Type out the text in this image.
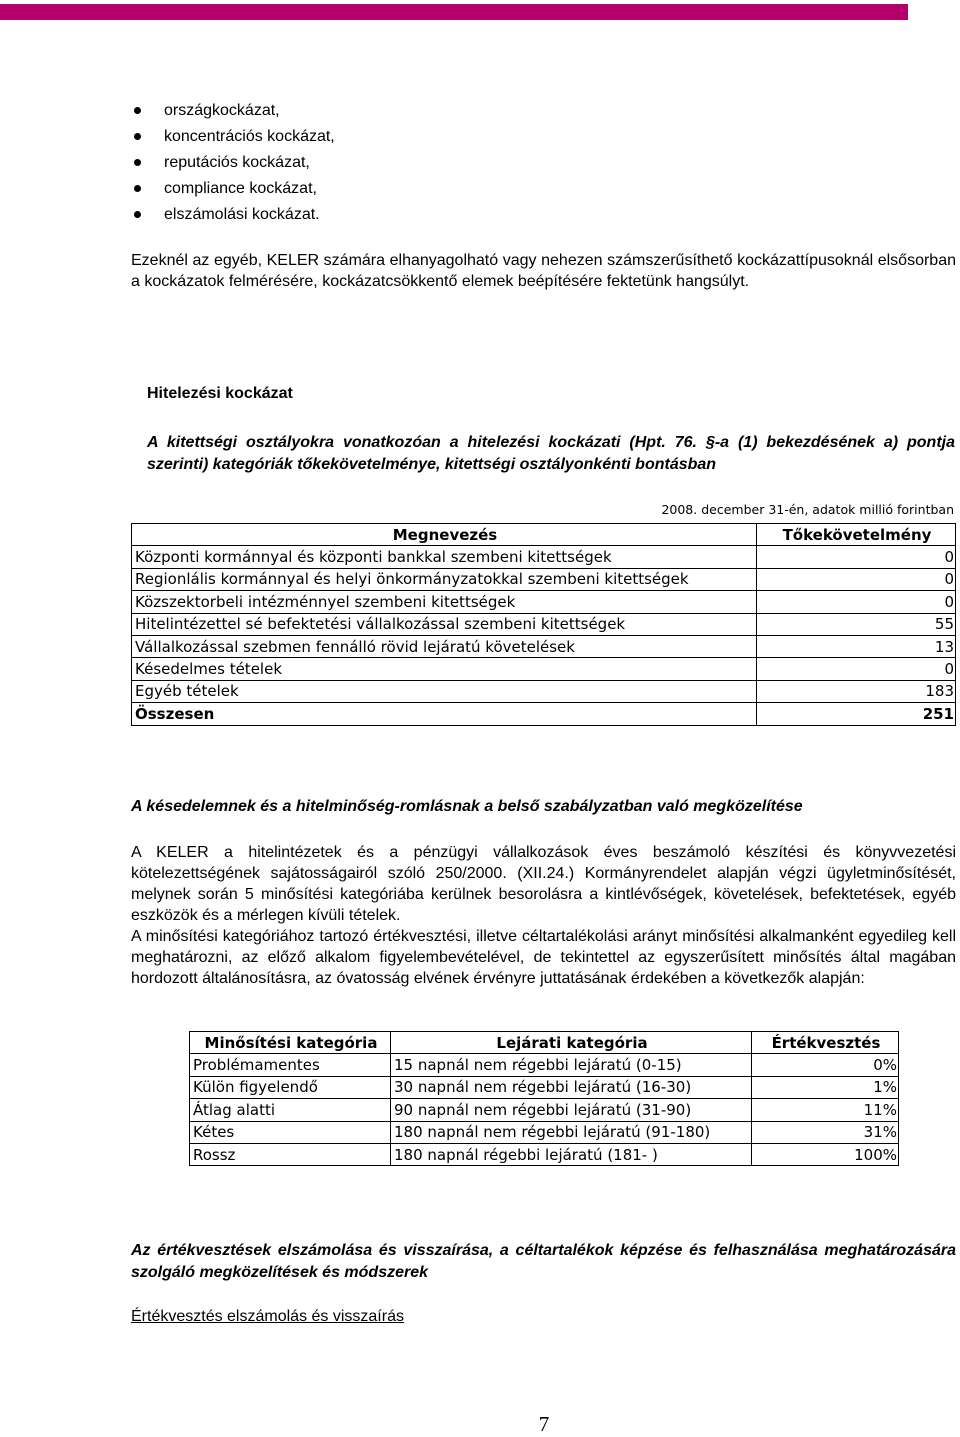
országkockázat,
koncentrációs kockázat,
reputációs kockázat,
compliance kockázat,
elszámolási kockázat.

Ezeknél az egyéb, KELER számára elhanyagolható vagy nehezen számszerűsíthető kockázattípusoknál elsősorban a kockázatok felmérésére, kockázatcsökkentő elemek beépítésére fektetünk hangsúlyt.

Hitelezési kockázat
A kitettségi osztályokra vonatkozóan a hitelezési kockázati (Hpt. 76. §-a (1) bekezdésének a) pontja szerinti) kategóriák tőkekövetelménye, kitettségi osztályonkénti bontásban
2008. december 31-én, adatok millió forintban
Megnevezés	Tőkekövetelmény
Központi kormánnyal és központi bankkal szembeni kitettségek	0
Regionlális kormánnyal és helyi önkormányzatokkal szembeni kitettségek	0
Közszektorbeli intézménnyel szembeni kitettségek	0
Hitelintézettel sé befektetési vállalkozással szembeni kitettségek	55
Vállalkozással szebmen fennálló rövid lejáratú követelések	13
Késedelmes tételek	0
Egyéb tételek	183
Összesen	251
A késedelemnek és a hitelminőség-romlásnak a belső szabályzatban való megközelítése

A KELER a hitelintézetek és a pénzügyi vállalkozások éves beszámoló készítési és könyvvezetési kötelezettségének sajátosságairól szóló 250/2000. (XII.24.) Kormányrendelet alapján végzi ügyletminősítését, melynek során 5 minősítési kategóriába kerülnek besorolásra a kintlévőségek, követelések, befektetések, egyéb eszközök és a mérlegen kívüli tételek.

A minősítési kategóriához tartozó értékvesztési, illetve céltartalékolási arányt minősítési alkalmanként egyedileg kell meghatározni, az előző alkalom figyelembevételével, de tekintettel az egyszerűsített minősítés által magában hordozott általánosításra, az óvatosság elvének érvényre juttatásának érdekében a következők alapján:

Minősítési kategória	Lejárati kategória	Értékvesztés
Problémamentes	15 napnál nem régebbi lejáratú (0-15)	0%
Külön figyelendő	30 napnál nem régebbi lejáratú (16-30)	1%
Átlag alatti	90 napnál nem régebbi lejáratú (31-90)	11%
Kétes	180 napnál nem régebbi lejáratú (91-180)	31%
Rossz	180 napnál régebbi lejáratú (181- )	100%
Az értékvesztések elszámolása és visszaírása, a céltartalékok képzése és felhasználása meghatározására szolgáló megközelítések és módszerek
Értékvesztés elszámolás és visszaírás
7
